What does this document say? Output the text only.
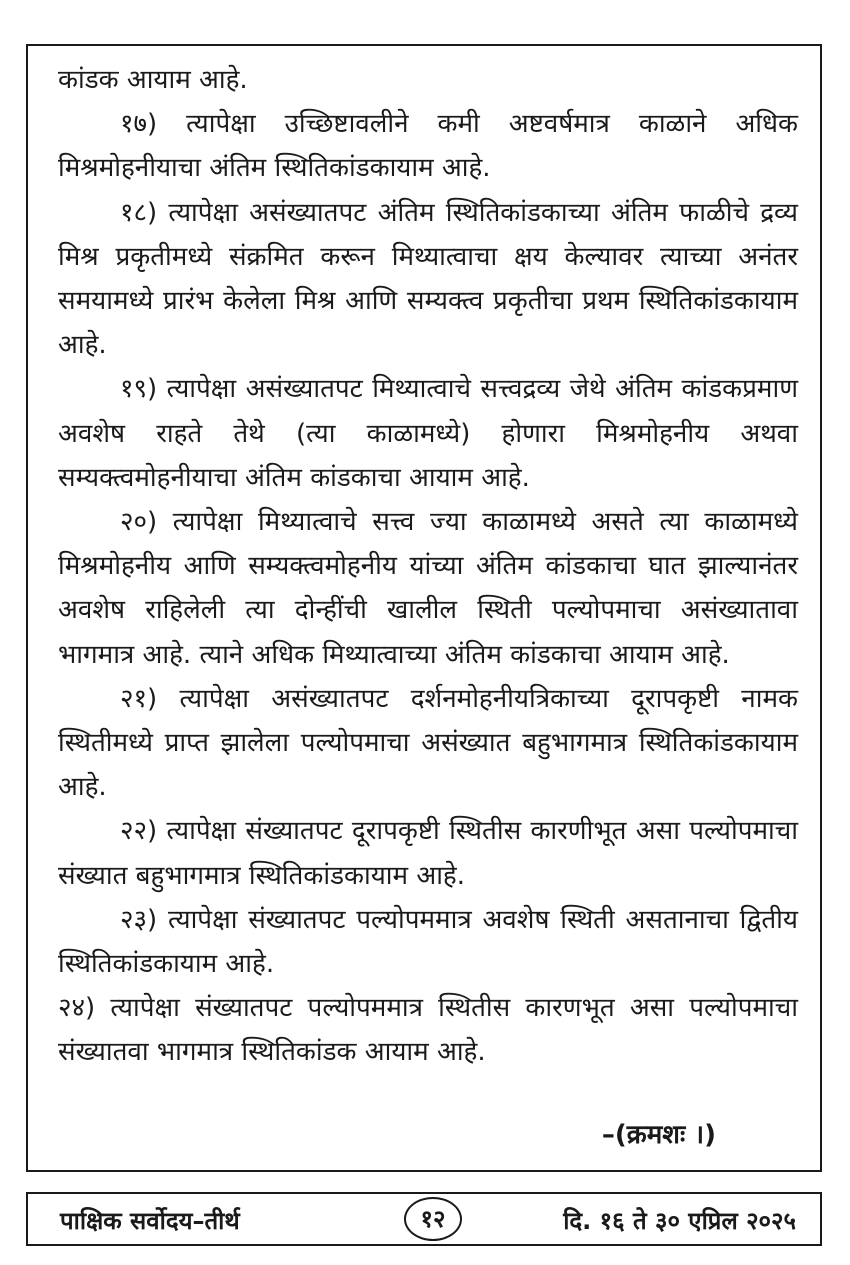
कांडक आयाम आहे.

१७) त्यापेक्षा उच्छिष्टावलीने कमी अष्टवर्षमात्र काळाने अधिक मिश्रमोहनीयाचा अंतिम स्थितिकांडकायाम आहे.

१८) त्यापेक्षा असंख्यातपट अंतिम स्थितिकांडकाच्या अंतिम फाळीचे द्रव्य मिश्र प्रकृतीमध्ये संक्रमित करून मिथ्यात्वाचा क्षय केल्यावर त्याच्या अनंतर समयामध्ये प्रारंभ केलेला मिश्र आणि सम्यक्त्व प्रकृतीचा प्रथम स्थितिकांडकायाम आहे.

१९) त्यापेक्षा असंख्यातपट मिथ्यात्वाचे सत्त्वद्रव्य जेथे अंतिम कांडकप्रमाण अवशेष राहते तेथे (त्या काळामध्ये) होणारा मिश्रमोहनीय अथवा सम्यक्त्वमोहनीयाचा अंतिम कांडकाचा आयाम आहे.

२०) त्यापेक्षा मिथ्यात्वाचे सत्त्व ज्या काळामध्ये असते त्या काळामध्ये मिश्रमोहनीय आणि सम्यक्त्वमोहनीय यांच्या अंतिम कांडकाचा घात झाल्यानंतर अवशेष राहिलेली त्या दोन्हींची खालील स्थिती पल्योपमाचा असंख्यातावा भागमात्र आहे. त्याने अधिक मिथ्यात्वाच्या अंतिम कांडकाचा आयाम आहे.

२१) त्यापेक्षा असंख्यातपट दर्शनमोहनीयत्रिकाच्या दूरापकृष्टी नामक स्थितीमध्ये प्राप्त झालेला पल्योपमाचा असंख्यात बहुभागमात्र स्थितिकांडकायाम आहे.

२२) त्यापेक्षा संख्यातपट दूरापकृष्टी स्थितीस कारणीभूत असा पल्योपमाचा संख्यात बहुभागमात्र स्थितिकांडकायाम आहे.

२३) त्यापेक्षा संख्यातपट पल्योपममात्र अवशेष स्थिती असतानाचा द्वितीय स्थितिकांडकायाम आहे.

२४) त्यापेक्षा संख्यातपट पल्योपममात्र स्थितीस कारणभूत असा पल्योपमाचा संख्यातवा भागमात्र स्थितिकांडक आयाम आहे.

–(क्रमशः ।)
पाक्षिक सर्वोदय–तीर्थ	१२	दि. १६ ते ३० एप्रिल २०२५
